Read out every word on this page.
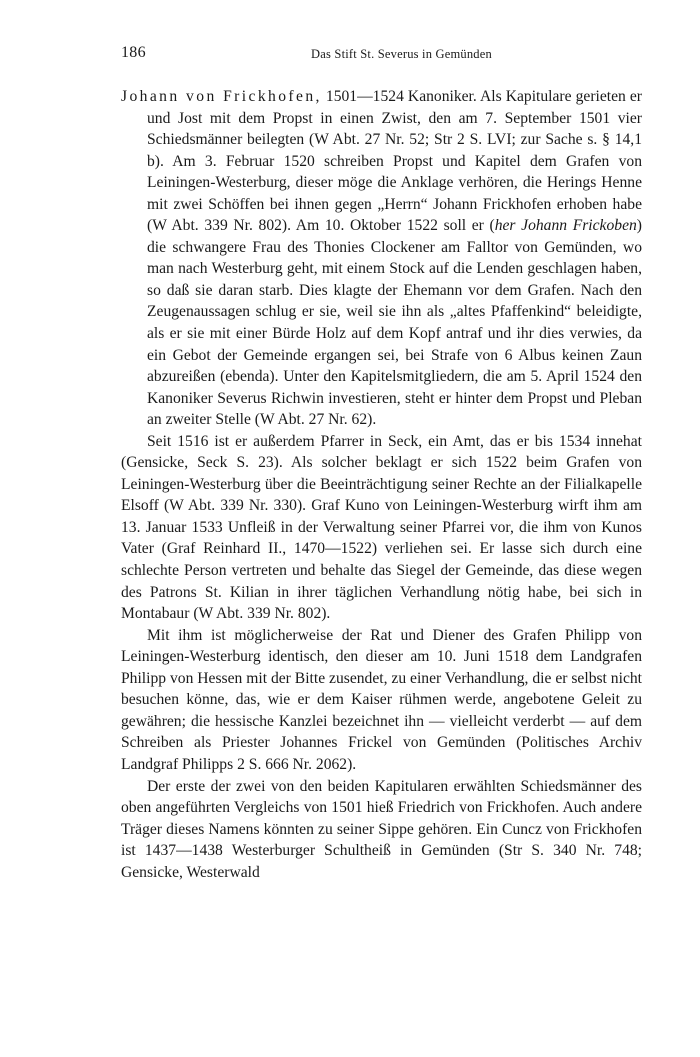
186	Das Stift St. Severus in Gemünden

Johann von Frickhofen, 1501—1524 Kanoniker. Als Kapitulare gerieten er und Jost mit dem Propst in einen Zwist, den am 7. September 1501 vier Schiedsmänner beilegten (W Abt. 27 Nr. 52; Str 2 S. LVI; zur Sache s. § 14,1 b). Am 3. Februar 1520 schreiben Propst und Kapitel dem Grafen von Leiningen-Westerburg, dieser möge die Anklage verhören, die Herings Henne mit zwei Schöffen bei ihnen gegen „Herrn“ Johann Frickhofen erhoben habe (W Abt. 339 Nr. 802). Am 10. Oktober 1522 soll er (her Johann Frickoben) die schwangere Frau des Thonies Clockener am Falltor von Gemünden, wo man nach Westerburg geht, mit einem Stock auf die Lenden geschlagen haben, so daß sie daran starb. Dies klagte der Ehemann vor dem Grafen. Nach den Zeugenaussagen schlug er sie, weil sie ihn als „altes Pfaffenkind“ beleidigte, als er sie mit einer Bürde Holz auf dem Kopf antraf und ihr dies verwies, da ein Gebot der Gemeinde ergangen sei, bei Strafe von 6 Albus keinen Zaun abzureißen (ebenda). Unter den Kapitelsmitgliedern, die am 5. April 1524 den Kanoniker Severus Richwin investieren, steht er hinter dem Propst und Pleban an zweiter Stelle (W Abt. 27 Nr. 62).

Seit 1516 ist er außerdem Pfarrer in Seck, ein Amt, das er bis 1534 innehat (Gensicke, Seck S. 23). Als solcher beklagt er sich 1522 beim Grafen von Leiningen-Westerburg über die Beeinträchtigung seiner Rechte an der Filialkapelle Elsoff (W Abt. 339 Nr. 330). Graf Kuno von Leiningen-Westerburg wirft ihm am 13. Januar 1533 Unfleiß in der Verwaltung seiner Pfarrei vor, die ihm von Kunos Vater (Graf Reinhard II., 1470—1522) verliehen sei. Er lasse sich durch eine schlechte Person vertreten und behalte das Siegel der Gemeinde, das diese wegen des Patrons St. Kilian in ihrer täglichen Verhandlung nötig habe, bei sich in Montabaur (W Abt. 339 Nr. 802).

Mit ihm ist möglicherweise der Rat und Diener des Grafen Philipp von Leiningen-Westerburg identisch, den dieser am 10. Juni 1518 dem Landgrafen Philipp von Hessen mit der Bitte zusendet, zu einer Verhandlung, die er selbst nicht besuchen könne, das, wie er dem Kaiser rühmen werde, angebotene Geleit zu gewähren; die hessische Kanzlei bezeichnet ihn — vielleicht verderbt — auf dem Schreiben als Priester Johannes Frickel von Gemünden (Politisches Archiv Landgraf Philipps 2 S. 666 Nr. 2062).

Der erste der zwei von den beiden Kapitularen erwählten Schiedsmänner des oben angeführten Vergleichs von 1501 hieß Friedrich von Frickhofen. Auch andere Träger dieses Namens könnten zu seiner Sippe gehören. Ein Cuncz von Frickhofen ist 1437—1438 Westerburger Schultheiß in Gemünden (Str S. 340 Nr. 748; Gensicke, Westerwald
